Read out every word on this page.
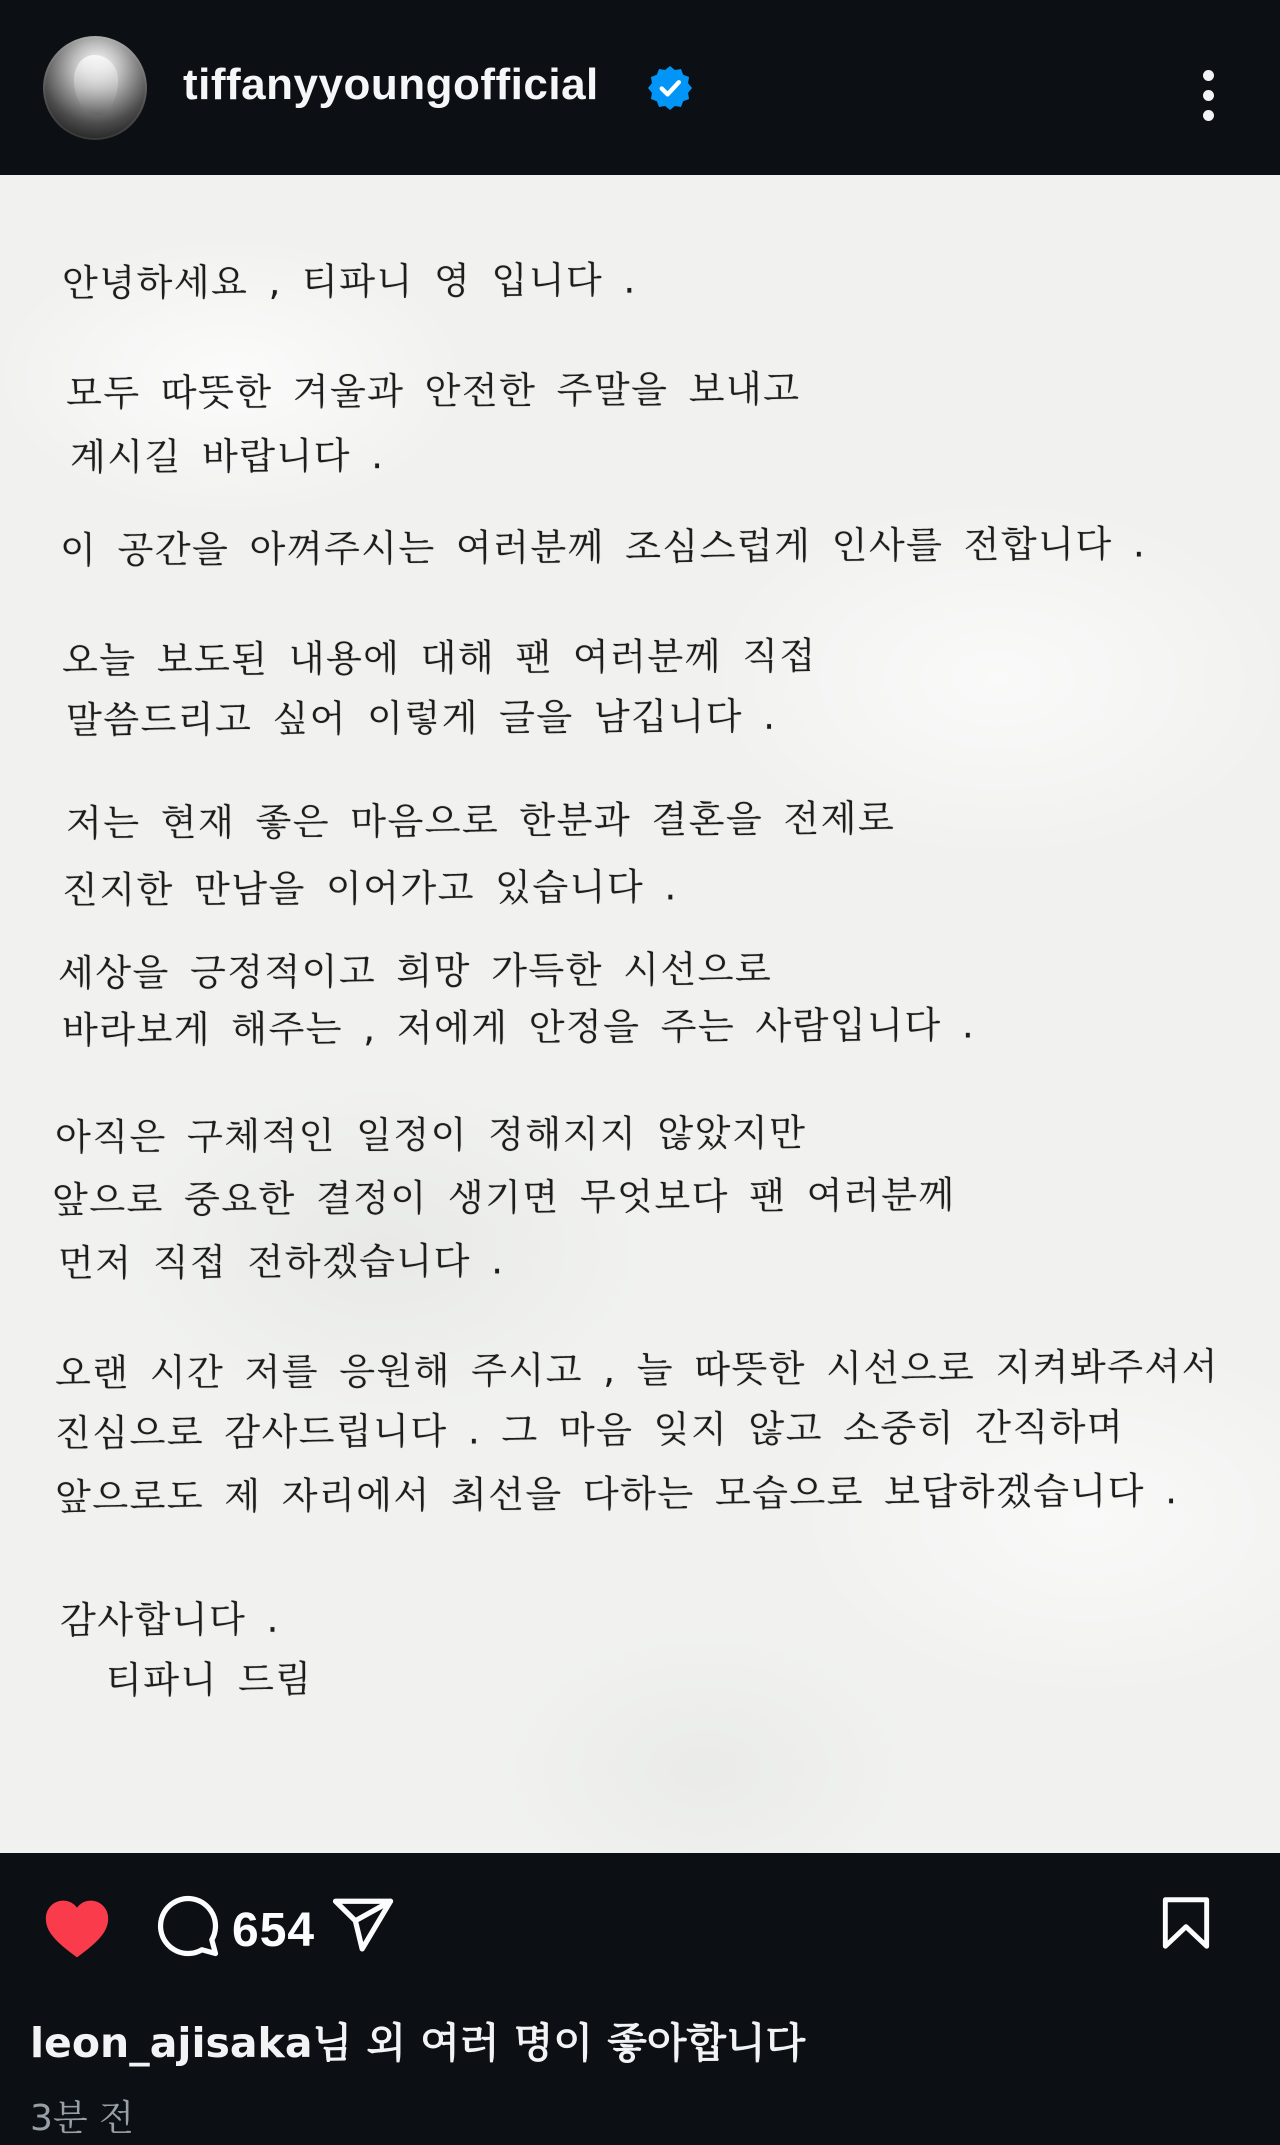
tiffanyyoungofficial
안녕하세요 , 티파니 영 입니다 .
모두 따뜻한 겨울과 안전한 주말을 보내고
계시길 바랍니다 .
이 공간을 아껴주시는 여러분께 조심스럽게 인사를 전합니다 .
오늘 보도된 내용에 대해 팬 여러분께 직접
말씀드리고 싶어 이렇게 글을 남깁니다 .
저는 현재 좋은 마음으로 한분과 결혼을 전제로
진지한 만남을 이어가고 있습니다 .
세상을 긍정적이고 희망 가득한 시선으로
바라보게 해주는 , 저에게 안정을 주는 사람입니다 .
아직은 구체적인 일정이 정해지지 않았지만
앞으로 중요한 결정이 생기면 무엇보다 팬 여러분께
먼저 직접 전하겠습니다 .
오랜 시간 저를 응원해 주시고 , 늘 따뜻한 시선으로 지켜봐주셔서
진심으로 감사드립니다 . 그 마음 잊지 않고 소중히 간직하며
앞으로도 제 자리에서 최선을 다하는 모습으로 보답하겠습니다 .
감사합니다 .
티파니 드림
654
leon_ajisaka님 외 여러 명이 좋아합니다
3분 전
